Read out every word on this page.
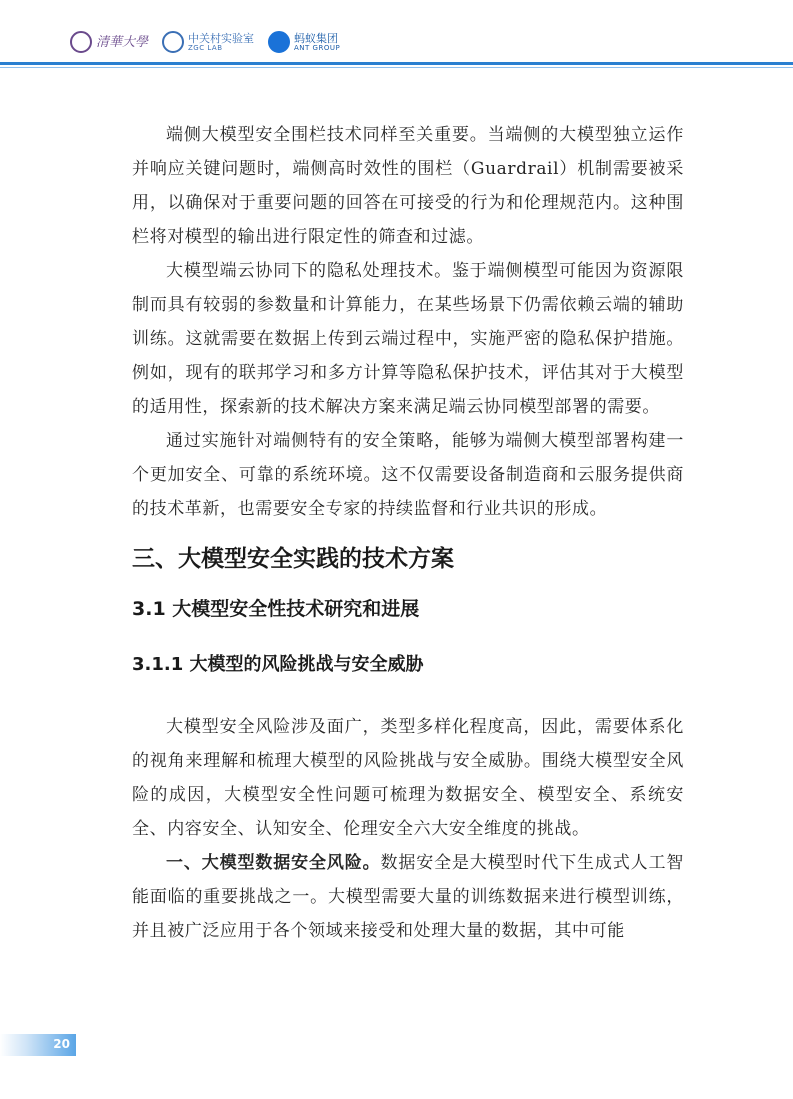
清華大學	中关村实验室
ZGC LAB
蚂蚁集团
ANT GROUP

端侧大模型安全围栏技术同样至关重要。当端侧的大模型独立运作并响应关键问题时，端侧高时效性的围栏（Guardrail）机制需要被采用，以确保对于重要问题的回答在可接受的行为和伦理规范内。这种围栏将对模型的输出进行限定性的筛查和过滤。

大模型端云协同下的隐私处理技术。鉴于端侧模型可能因为资源限制而具有较弱的参数量和计算能力，在某些场景下仍需依赖云端的辅助训练。这就需要在数据上传到云端过程中，实施严密的隐私保护措施。例如，现有的联邦学习和多方计算等隐私保护技术，评估其对于大模型的适用性，探索新的技术解决方案来满足端云协同模型部署的需要。

通过实施针对端侧特有的安全策略，能够为端侧大模型部署构建一个更加安全、可靠的系统环境。这不仅需要设备制造商和云服务提供商的技术革新，也需要安全专家的持续监督和行业共识的形成。

三、大模型安全实践的技术方案
3.1 大模型安全性技术研究和进展
3.1.1 大模型的风险挑战与安全威胁

大模型安全风险涉及面广，类型多样化程度高，因此，需要体系化的视角来理解和梳理大模型的风险挑战与安全威胁。围绕大模型安全风险的成因，大模型安全性问题可梳理为数据安全、模型安全、系统安全、内容安全、认知安全、伦理安全六大安全维度的挑战。

一、大模型数据安全风险。数据安全是大模型时代下生成式人工智能面临的重要挑战之一。大模型需要大量的训练数据来进行模型训练，并且被广泛应用于各个领域来接受和处理大量的数据，其中可能

20
